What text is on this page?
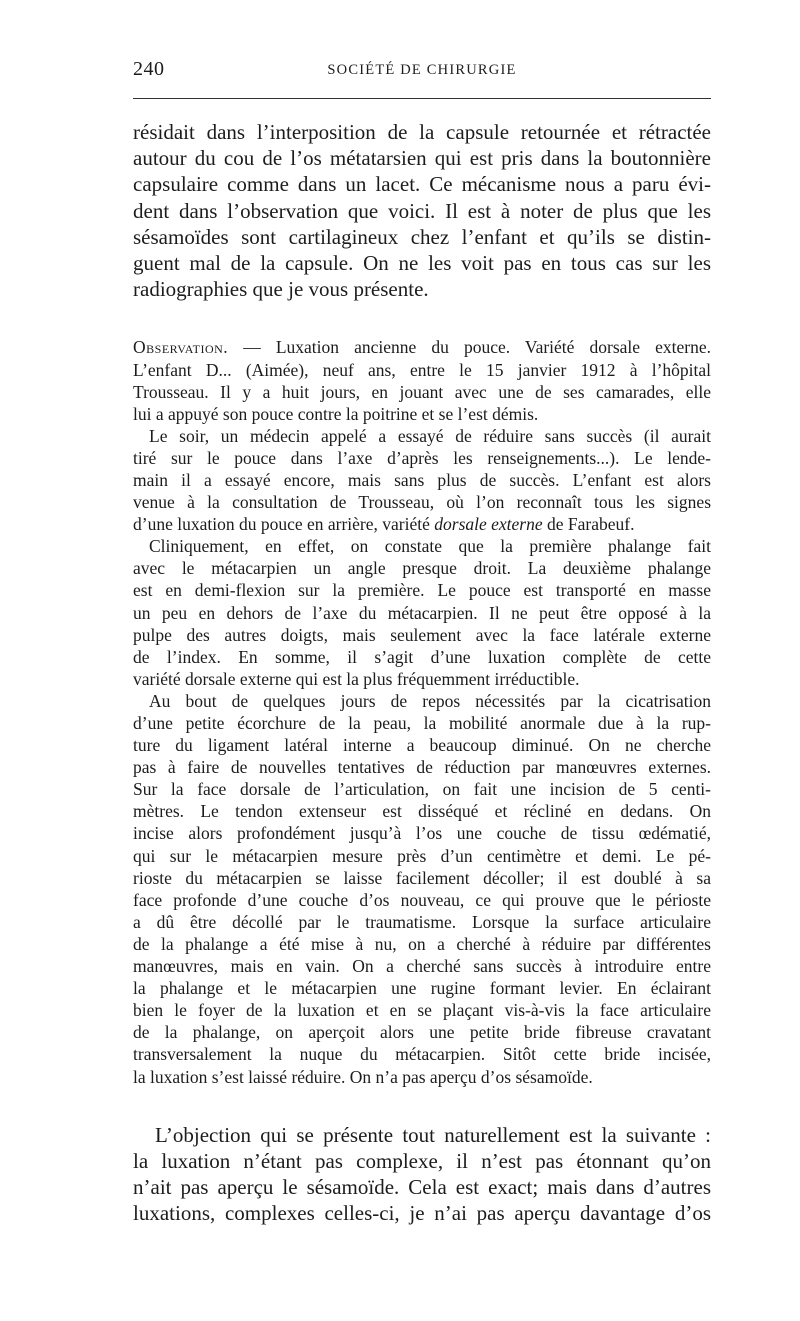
240	SOCIÉTÉ DE CHIRURGIE

résidait dans l’interposition de la capsule retournée et rétractée
autour du cou de l’os métatarsien qui est pris dans la boutonnière
capsulaire comme dans un lacet. Ce mécanisme nous a paru évi-
dent dans l’observation que voici. Il est à noter de plus que les
sésamoïdes sont cartilagineux chez l’enfant et qu’ils se distin-
guent mal de la capsule. On ne les voit pas en tous cas sur les
radiographies que je vous présente.

Observation. — Luxation ancienne du pouce. Variété dorsale externe.
L’enfant D... (Aimée), neuf ans, entre le 15 janvier 1912 à l’hôpital
Trousseau. Il y a huit jours, en jouant avec une de ses camarades, elle
lui a appuyé son pouce contre la poitrine et se l’est démis.

Le soir, un médecin appelé a essayé de réduire sans succès (il aurait
tiré sur le pouce dans l’axe d’après les renseignements...). Le lende-
main il a essayé encore, mais sans plus de succès. L’enfant est alors
venue à la consultation de Trousseau, où l’on reconnaît tous les signes
d’une luxation du pouce en arrière, variété dorsale externe de Farabeuf.

Cliniquement, en effet, on constate que la première phalange fait
avec le métacarpien un angle presque droit. La deuxième phalange
est en demi-flexion sur la première. Le pouce est transporté en masse
un peu en dehors de l’axe du métacarpien. Il ne peut être opposé à la
pulpe des autres doigts, mais seulement avec la face latérale externe
de l’index. En somme, il s’agit d’une luxation complète de cette
variété dorsale externe qui est la plus fréquemment irréductible.

Au bout de quelques jours de repos nécessités par la cicatrisation
d’une petite écorchure de la peau, la mobilité anormale due à la rup-
ture du ligament latéral interne a beaucoup diminué. On ne cherche
pas à faire de nouvelles tentatives de réduction par manœuvres externes.
Sur la face dorsale de l’articulation, on fait une incision de 5 centi-
mètres. Le tendon extenseur est disséqué et récliné en dedans. On
incise alors profondément jusqu’à l’os une couche de tissu œdématié,
qui sur le métacarpien mesure près d’un centimètre et demi. Le pé-
rioste du métacarpien se laisse facilement décoller; il est doublé à sa
face profonde d’une couche d’os nouveau, ce qui prouve que le périoste
a dû être décollé par le traumatisme. Lorsque la surface articulaire
de la phalange a été mise à nu, on a cherché à réduire par différentes
manœuvres, mais en vain. On a cherché sans succès à introduire entre
la phalange et le métacarpien une rugine formant levier. En éclairant
bien le foyer de la luxation et en se plaçant vis-à-vis la face articulaire
de la phalange, on aperçoit alors une petite bride fibreuse cravatant
transversalement la nuque du métacarpien. Sitôt cette bride incisée,
la luxation s’est laissé réduire. On n’a pas aperçu d’os sésamoïde.

L’objection qui se présente tout naturellement est la suivante :
la luxation n’étant pas complexe, il n’est pas étonnant qu’on
n’ait pas aperçu le sésamoïde. Cela est exact; mais dans d’autres
luxations, complexes celles-ci, je n’ai pas aperçu davantage d’os
